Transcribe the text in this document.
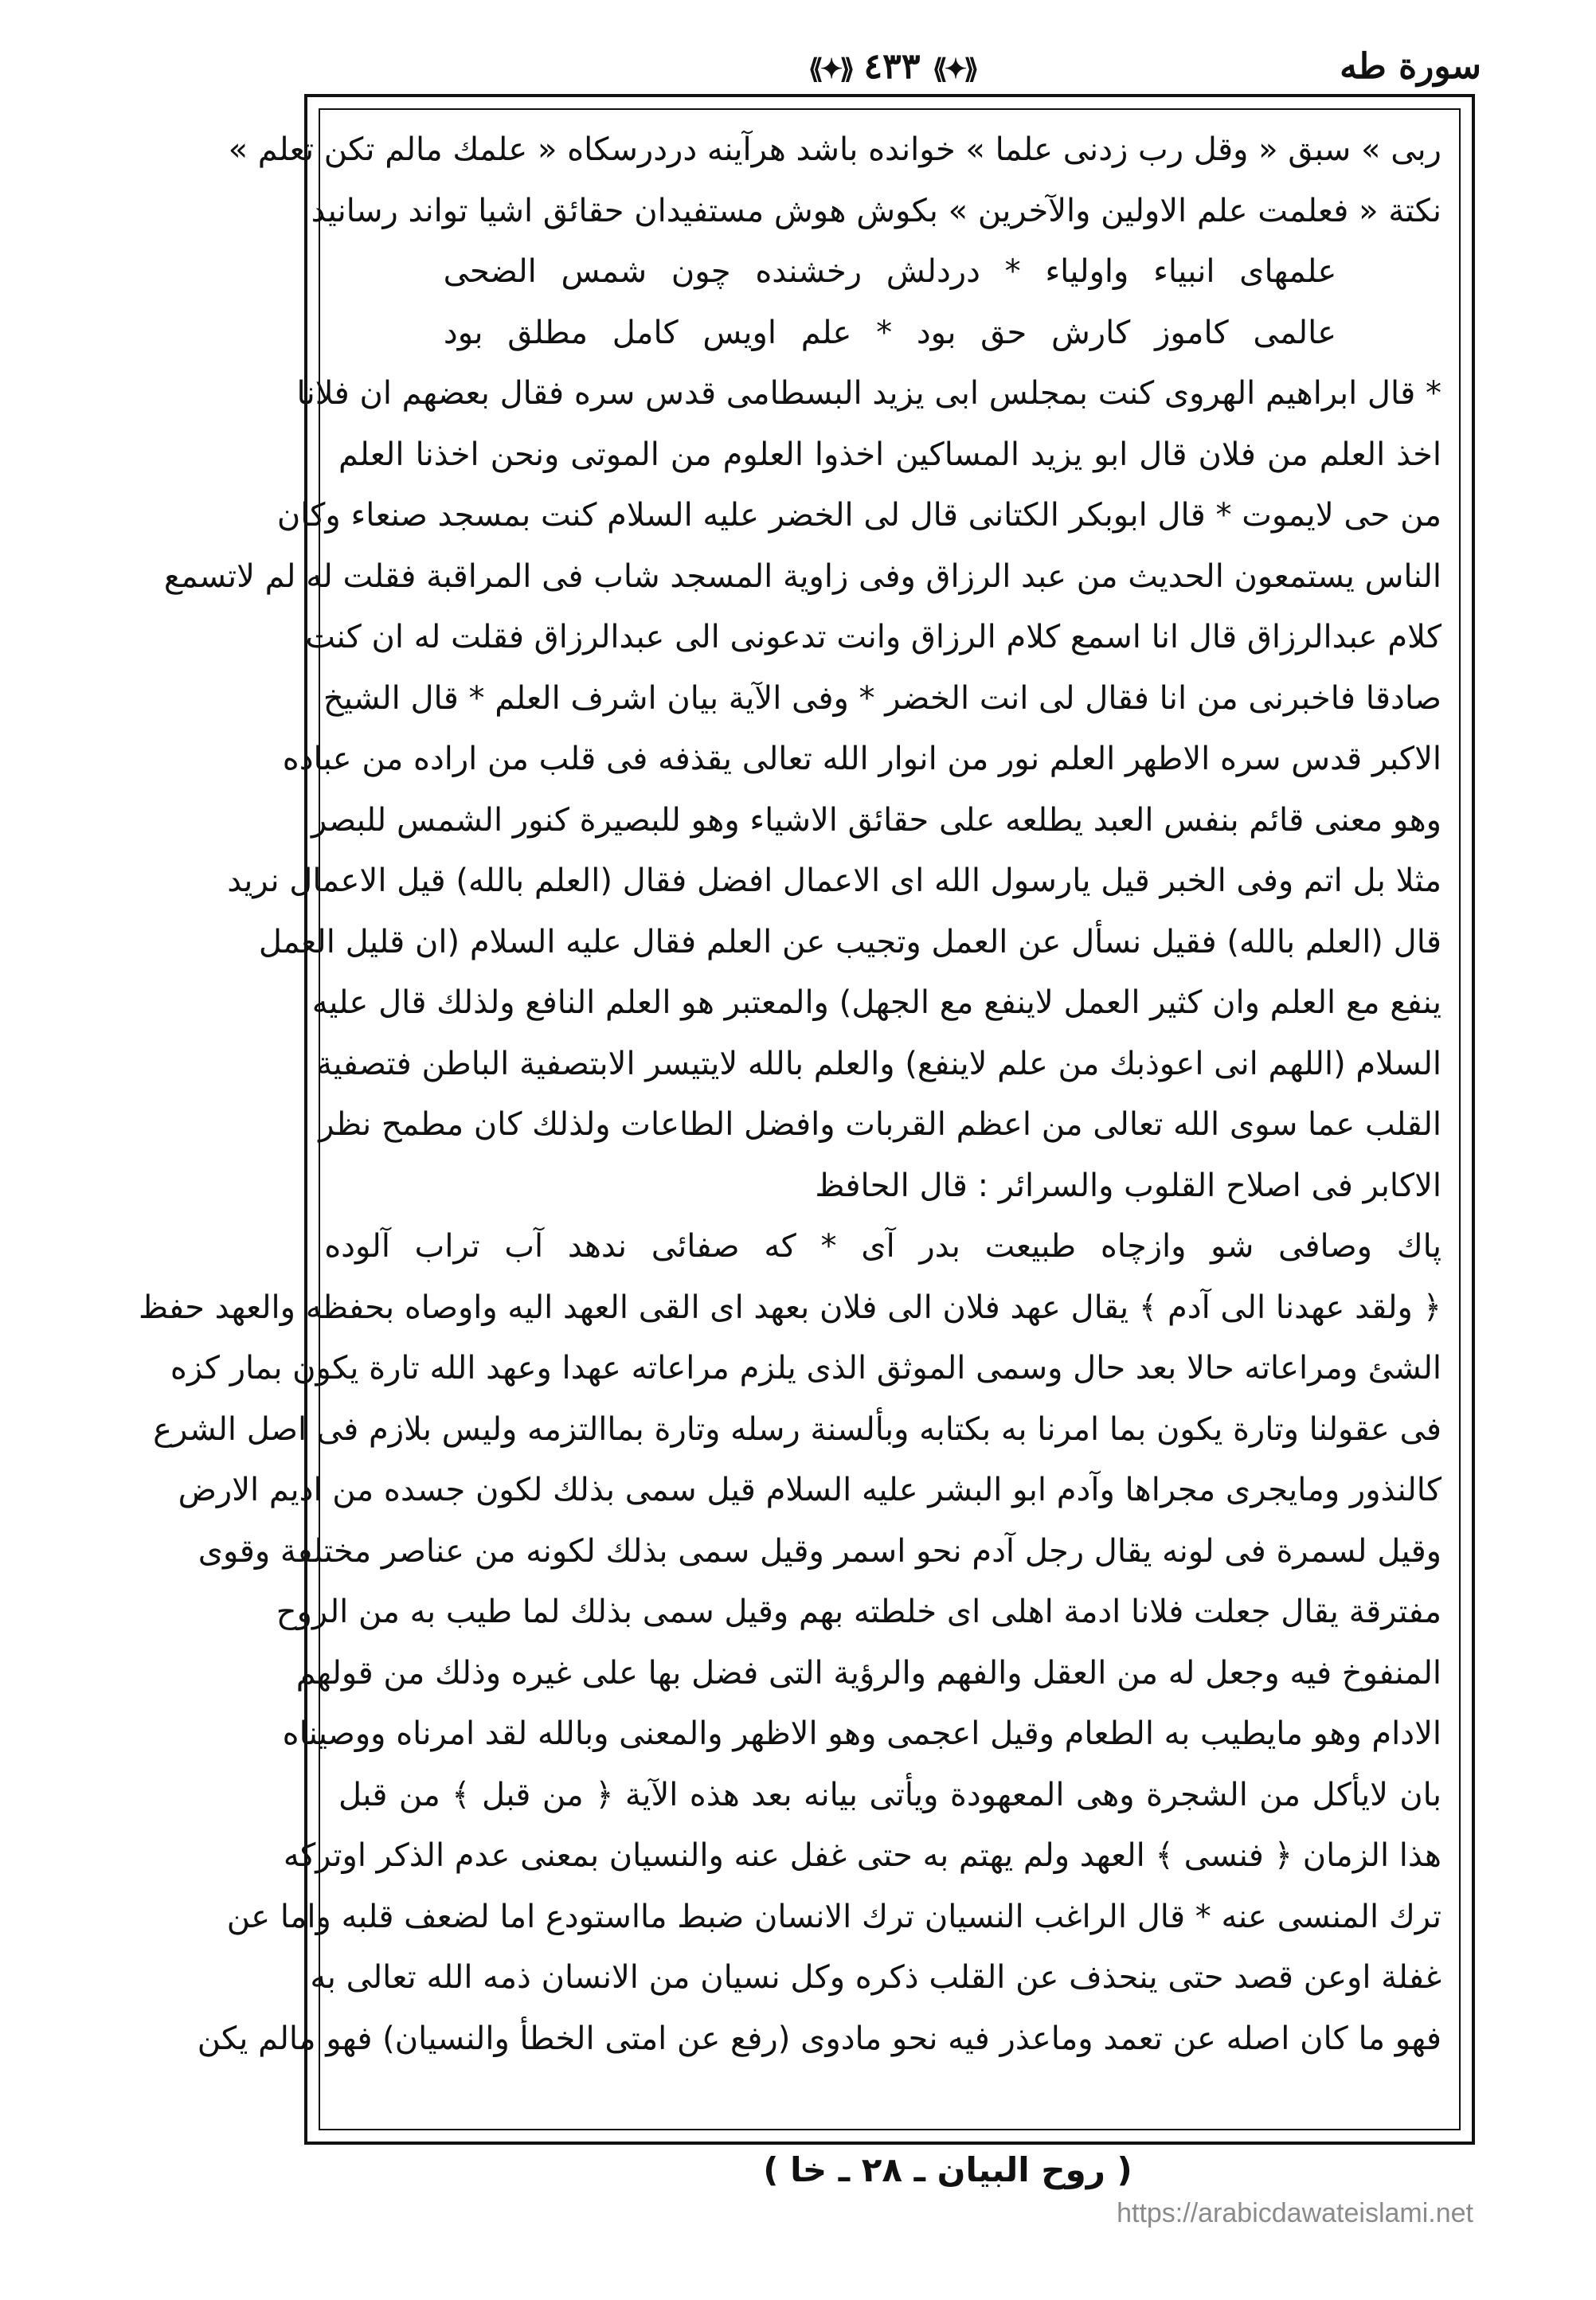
سورة طه
⟪✦⟫ ٤٣٣ ⟪✦⟫
ربی » سبق « وقل رب زدنی علما » خوانده باشد هرآينه دردرسكاه « علمك مالم تكن تعلم »
نكتة « فعلمت علم الاولين والآخرين » بكوش هوش مستفيدان حقائق اشيا تواند رسانيد
علمهای انبياء واولياء * دردلش رخشنده چون شمس الضحى
عالمی كاموز كارش حق بود * علم اويس كامل مطلق بود
* قال ابراهيم الهروى كنت بمجلس ابى يزيد البسطامى قدس سره فقال بعضهم ان فلانا
اخذ العلم من فلان قال ابو يزيد المساكين اخذوا العلوم من الموتى ونحن اخذنا العلم
من حى لايموت * قال ابوبكر الكتانى قال لى الخضر عليه السلام كنت بمسجد صنعاء وكان
الناس يستمعون الحديث من عبد الرزاق وفى زاوية المسجد شاب فى المراقبة فقلت له لم لاتسمع
كلام عبدالرزاق قال انا اسمع كلام الرزاق وانت تدعونى الى عبدالرزاق فقلت له ان كنت
صادقا فاخبرنى من انا فقال لى انت الخضر * وفى الآية بيان اشرف العلم * قال الشيخ
الاكبر قدس سره الاطهر العلم نور من انوار الله تعالى يقذفه فى قلب من اراده من عباده
وهو معنى قائم بنفس العبد يطلعه على حقائق الاشياء وهو للبصيرة كنور الشمس للبصر
مثلا بل اتم وفى الخبر قيل يارسول الله اى الاعمال افضل فقال (العلم بالله) قيل الاعمال نريد
قال (العلم بالله) فقيل نسأل عن العمل وتجيب عن العلم فقال عليه السلام (ان قليل العمل
ينفع مع العلم وان كثير العمل لاينفع مع الجهل) والمعتبر هو العلم النافع ولذلك قال عليه
السلام (اللهم انى اعوذبك من علم لاينفع) والعلم بالله لايتيسر الابتصفية الباطن فتصفية
القلب عما سوى الله تعالى من اعظم القربات وافضل الطاعات ولذلك كان مطمح نظر
الاكابر فى اصلاح القلوب والسرائر : قال الحافظ
پاك وصافى شو وازچاه طبيعت بدر آى * كه صفائى ندهد آب تراب آلوده
﴿ ولقد عهدنا الى آدم ﴾ يقال عهد فلان الى فلان بعهد اى القى العهد اليه واوصاه بحفظه والعهد حفظ
الشئ ومراعاته حالا بعد حال وسمى الموثق الذى يلزم مراعاته عهدا وعهد الله تارة يكون بمار كزه
فى عقولنا وتارة يكون بما امرنا به بكتابه وبألسنة رسله وتارة بماالتزمه وليس بلازم فى اصل الشرع
كالنذور ومايجرى مجراها وآدم ابو البشر عليه السلام قيل سمى بذلك لكون جسده من اديم الارض
وقيل لسمرة فى لونه يقال رجل آدم نحو اسمر وقيل سمى بذلك لكونه من عناصر مختلفة وقوى
مفترقة يقال جعلت فلانا ادمة اهلى اى خلطته بهم وقيل سمى بذلك لما طيب به من الروح
المنفوخ فيه وجعل له من العقل والفهم والرؤية التى فضل بها على غيره وذلك من قولهم
الادام وهو مايطيب به الطعام وقيل اعجمى وهو الاظهر والمعنى وبالله لقد امرناه ووصيناه
بان لايأكل من الشجرة وهى المعهودة ويأتى بيانه بعد هذه الآية ﴿ من قبل ﴾ من قبل
هذا الزمان ﴿ فنسى ﴾ العهد ولم يهتم به حتى غفل عنه والنسيان بمعنى عدم الذكر اوتركه
ترك المنسى عنه * قال الراغب النسيان ترك الانسان ضبط مااستودع اما لضعف قلبه واما عن
غفلة اوعن قصد حتى ينحذف عن القلب ذكره وكل نسيان من الانسان ذمه الله تعالى به
فهو ما كان اصله عن تعمد وماعذر فيه نحو مادوى (رفع عن امتى الخطأ والنسيان) فهو مالم يكن
( روح البيان ـ ٢٨ ـ خا )
https://arabicdawateislami.net
